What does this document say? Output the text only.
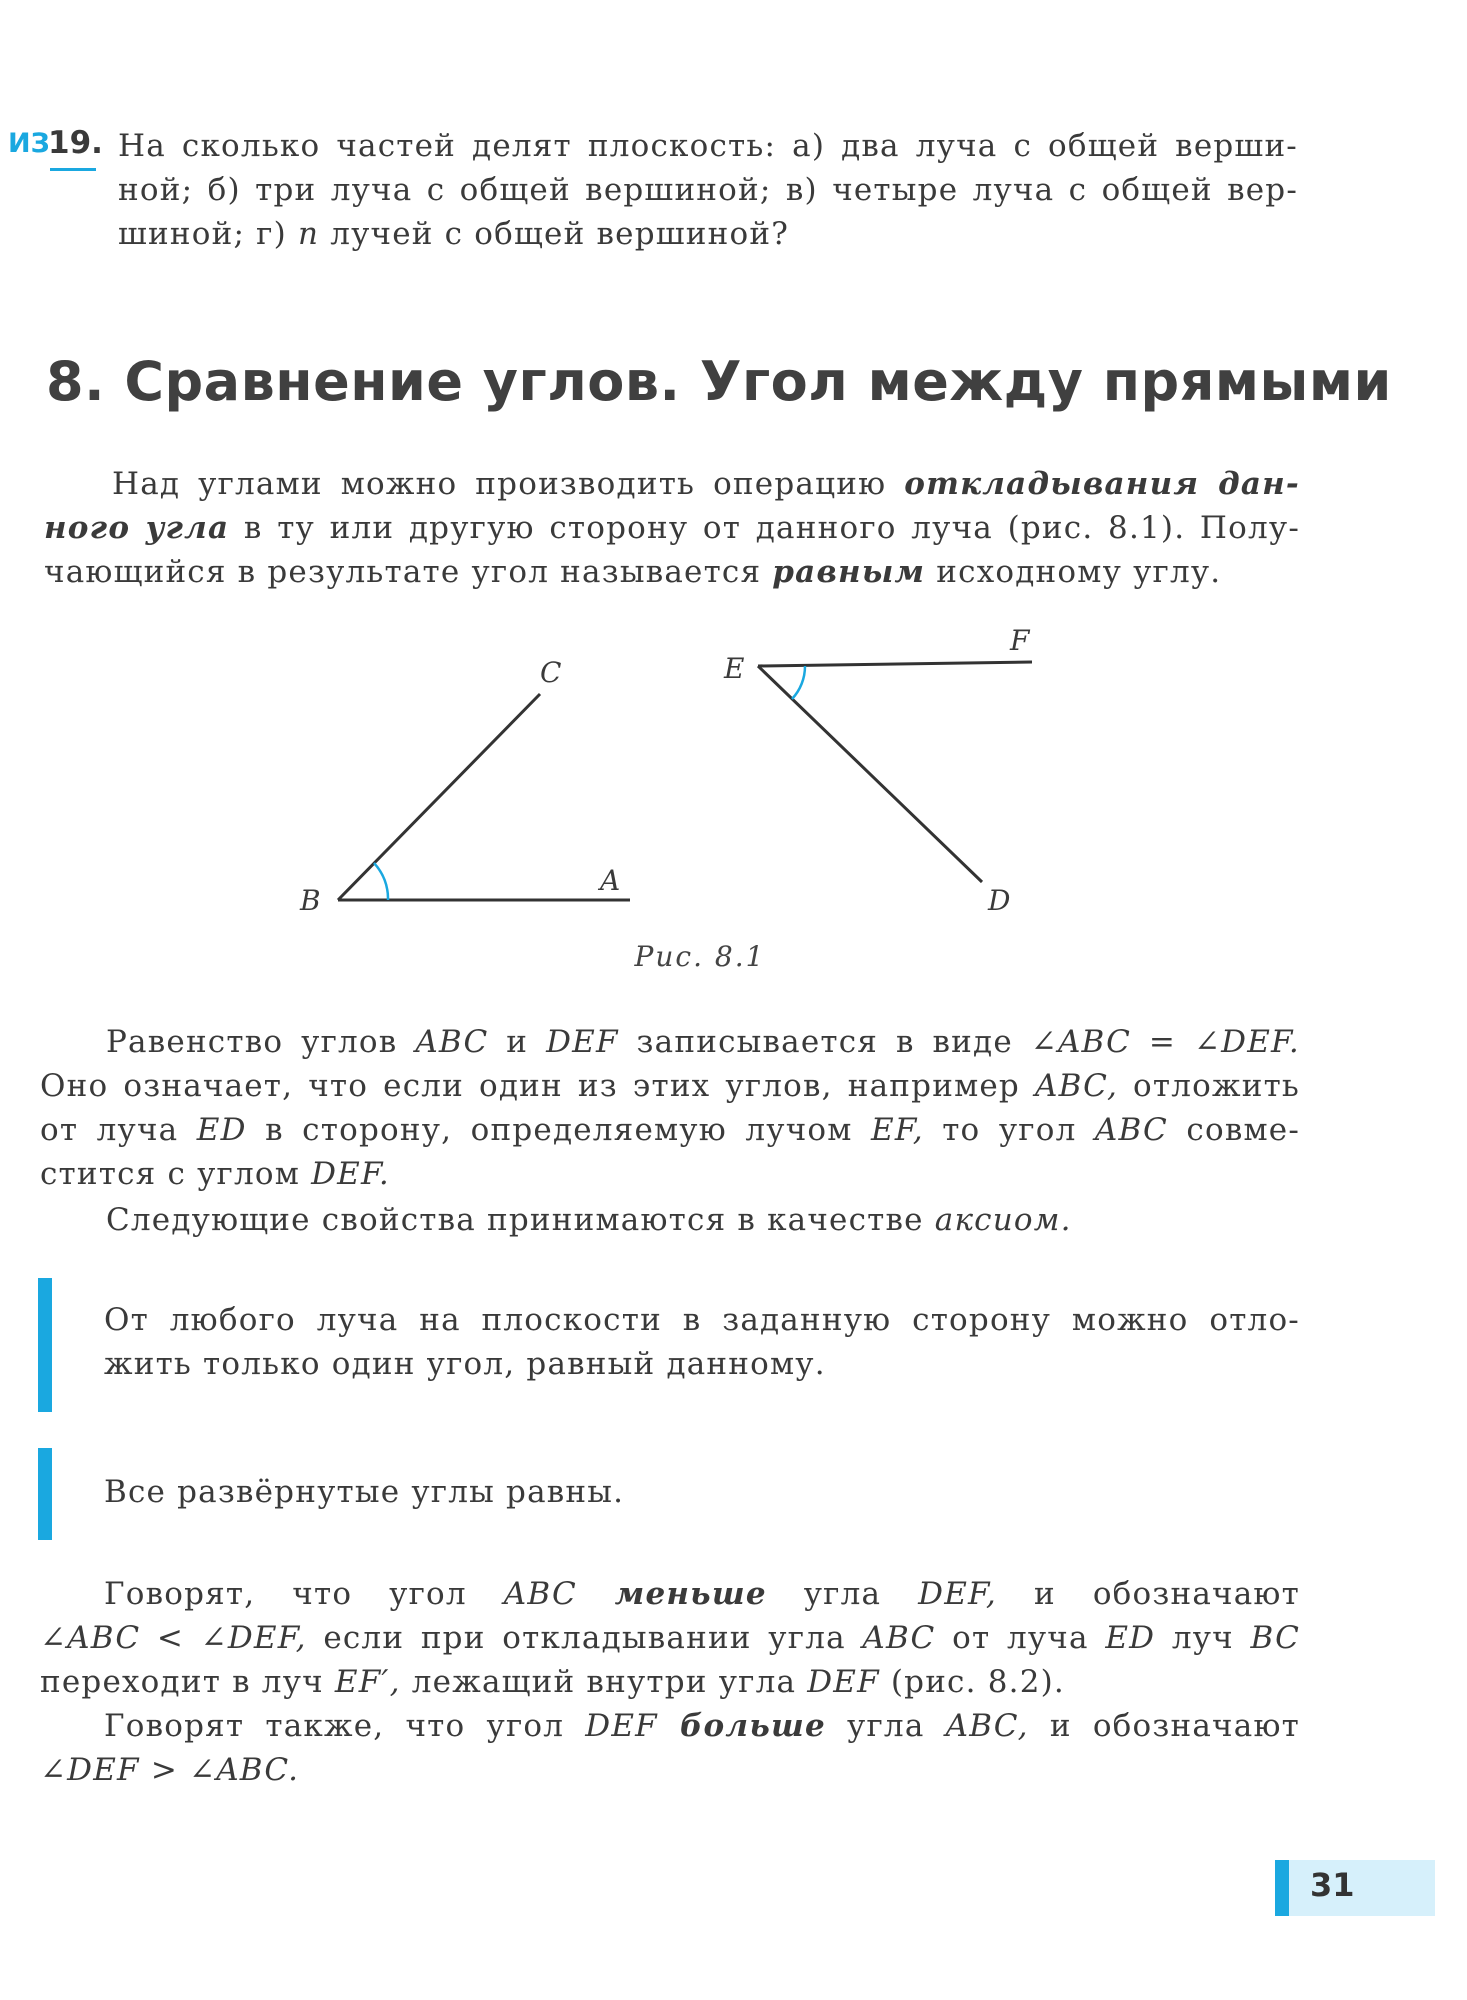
ИЗ
19. На сколько частей делят плоскость: а) два луча с общей верши-
ной; б) три луча с общей вершиной; в) четыре луча с общей вер-
шиной; г) n лучей с общей вершиной?
8. Сравнение углов. Угол между прямыми
Над углами можно производить операцию откладывания дан-
ного угла в ту или другую сторону от данного луча (рис. 8.1). Полу-
чающийся в результате угол называется равным исходному углу.
C
B
A
E
F
D
Рис. 8.1
Равенство углов ABC и DEF записывается в виде ∠ABC = ∠DEF.
Оно означает, что если один из этих углов, например ABC, отложить
от луча ED в сторону, определяемую лучом EF, то угол ABC совме-
стится с углом DEF.
Следующие свойства принимаются в качестве аксиом.
От любого луча на плоскости в заданную сторону можно отло-
жить только один угол, равный данному.
Все развёрнутые углы равны.
Говорят, что угол ABC меньше угла DEF, и обозначают
∠ABC < ∠DEF, если при откладывании угла ABC от луча ED луч BC
переходит в луч EF′, лежащий внутри угла DEF (рис. 8.2).
Говорят также, что угол DEF больше угла ABC, и обозначают
∠DEF > ∠ABC.
31
